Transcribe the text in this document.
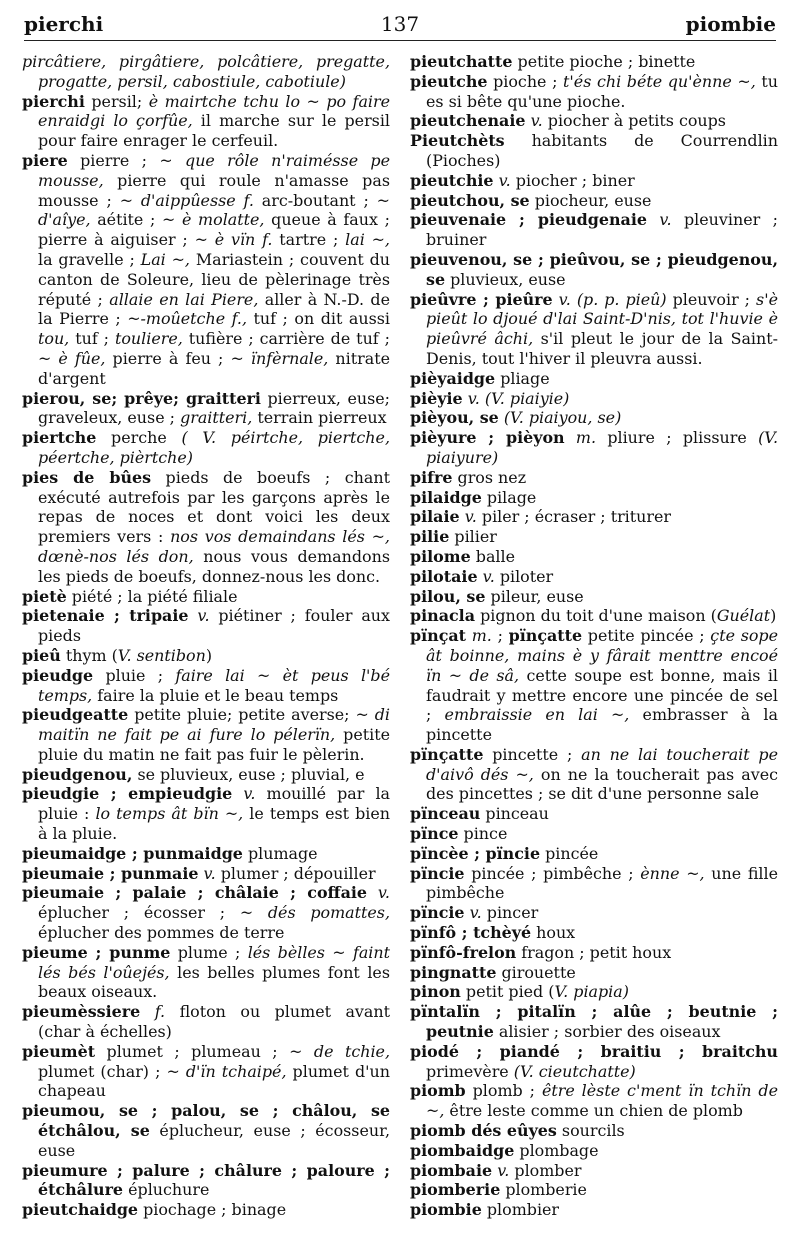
pierchi	137	piombie

pircâtiere, pirgâtiere, polcâtiere, pregatte, progatte, persil, cabostiule, cabotiule)

pierchi persil; è mairtche tchu lo ~ po faire enraidgi lo çorfûe, il marche sur le persil pour faire enrager le cerfeuil.

piere pierre ; ~ que rôle n'raimésse pe mousse, pierre qui roule n'amasse pas mousse ; ~ d'aippûesse f. arc-boutant ; ~ d'aîye, aétite ; ~ è molatte, queue à faux ; pierre à aiguiser ; ~ è vïn f. tartre ; lai ~, la gravelle ; Lai ~, Mariastein ; couvent du canton de Soleure, lieu de pèlerinage très réputé ; allaie en lai Piere, aller à N.-D. de la Pierre ; ~-moûetche f., tuf ; on dit aussi tou, tuf ; touliere, tufière ; carrière de tuf ; ~ è fûe, pierre à feu ; ~ ïnfèrnale, nitrate d'argent

pierou, se; prêye; graitteri pierreux, euse; graveleux, euse ; graitteri, terrain pierreux

piertche perche ( V. péirtche, piertche, péertche, pièrtche)

pies de bûes pieds de boeufs ; chant exécuté autrefois par les garçons après le repas de noces et dont voici les deux premiers vers : nos vos demaindans lés ~, dœnè-nos lés don, nous vous demandons les pieds de boeufs, donnez-nous les donc.

pietè piété ; la piété filiale

pietenaie ; tripaie v. piétiner ; fouler aux pieds

pieû thym (V. sentibon)

pieudge pluie ; faire lai ~ èt peus l'bé temps, faire la pluie et le beau temps

pieudgeatte petite pluie; petite averse; ~ di maitïn ne fait pe ai fure lo pélerïn, petite pluie du matin ne fait pas fuir le pèlerin.

pieudgenou, se pluvieux, euse ; pluvial, e

pieudgie ; empieudgie v. mouillé par la pluie : lo temps ât bïn ~, le temps est bien à la pluie.

pieumaidge ; punmaidge plumage

pieumaie ; punmaie v. plumer ; dépouiller

pieumaie ; palaie ; châlaie ; coffaie v. éplucher ; écosser ; ~ dés pomattes, éplucher des pommes de terre

pieume ; punme plume ; lés bèlles ~ faint lés bés l'oûejés, les belles plumes font les beaux oiseaux.

pieumèssiere f. floton ou plumet avant (char à échelles)

pieumèt plumet ; plumeau ; ~ de tchie, plumet (char) ; ~ d'ïn tchaipé, plumet d'un chapeau

pieumou, se ; palou, se ; châlou, se étchâlou, se éplucheur, euse ; écosseur, euse

pieumure ; palure ; châlure ; paloure ; étchâlure épluchure

pieutchaidge piochage ; binage

pieutchatte petite pioche ; binette

pieutche pioche ; t'és chi béte qu'ènne ~, tu es si bête qu'une pioche.

pieutchenaie v. piocher à petits coups

Pieutchèts habitants de Courrendlin (Pioches)

pieutchie v. piocher ; biner

pieutchou, se piocheur, euse

pieuvenaie ; pieudgenaie v. pleuviner ; bruiner

pieuvenou, se ; pieûvou, se ; pieudgenou, se pluvieux, euse

pieûvre ; pieûre v. (p. p. pieû) pleuvoir ; s'è pieût lo djoué d'lai Saint-D'nis, tot l'huvie è pieûvré âchi, s'il pleut le jour de la Saint-Denis, tout l'hiver il pleuvra aussi.

pièyaidge pliage

pièyie v. (V. piaiyie)

pièyou, se (V. piaiyou, se)

pièyure ; pièyon m. pliure ; plissure (V. piaiyure)

pifre gros nez

pilaidge pilage

pilaie v. piler ; écraser ; triturer

pilie pilier

pilome balle

pilotaie v. piloter

pilou, se pileur, euse

pinacla pignon du toit d'une maison (Guélat)

pïnçat m. ; pïnçatte petite pincée ; çte sope ât boinne, mains è y fârait menttre encoé ïn ~ de sâ, cette soupe est bonne, mais il faudrait y mettre encore une pincée de sel ; embraissie en lai ~, embrasser à la pincette

pïnçatte pincette ; an ne lai toucherait pe d'aivô dés ~, on ne la toucherait pas avec des pincettes ; se dit d'une personne sale

pïnceau pinceau

pïnce pince

pïncèe ; pïncie pincée

pïncie pincée ; pimbêche ; ènne ~, une fille pimbêche

pïncie v. pincer

pïnfô ; tchèyé houx

pïnfô-frelon fragon ; petit houx

pingnatte girouette

pinon petit pied (V. piapia)

pïntalïn ; pitalïn ; alûe ; beutnie ; peutnie alisier ; sorbier des oiseaux

piodé ; piandé ; braitiu ; braitchu primevère (V. cieutchatte)

piomb plomb ; être lèste c'ment ïn tchïn de ~, être leste comme un chien de plomb

piomb dés eûyes sourcils

piombaidge plombage

piombaie v. plomber

piomberie plomberie

piombie plombier
